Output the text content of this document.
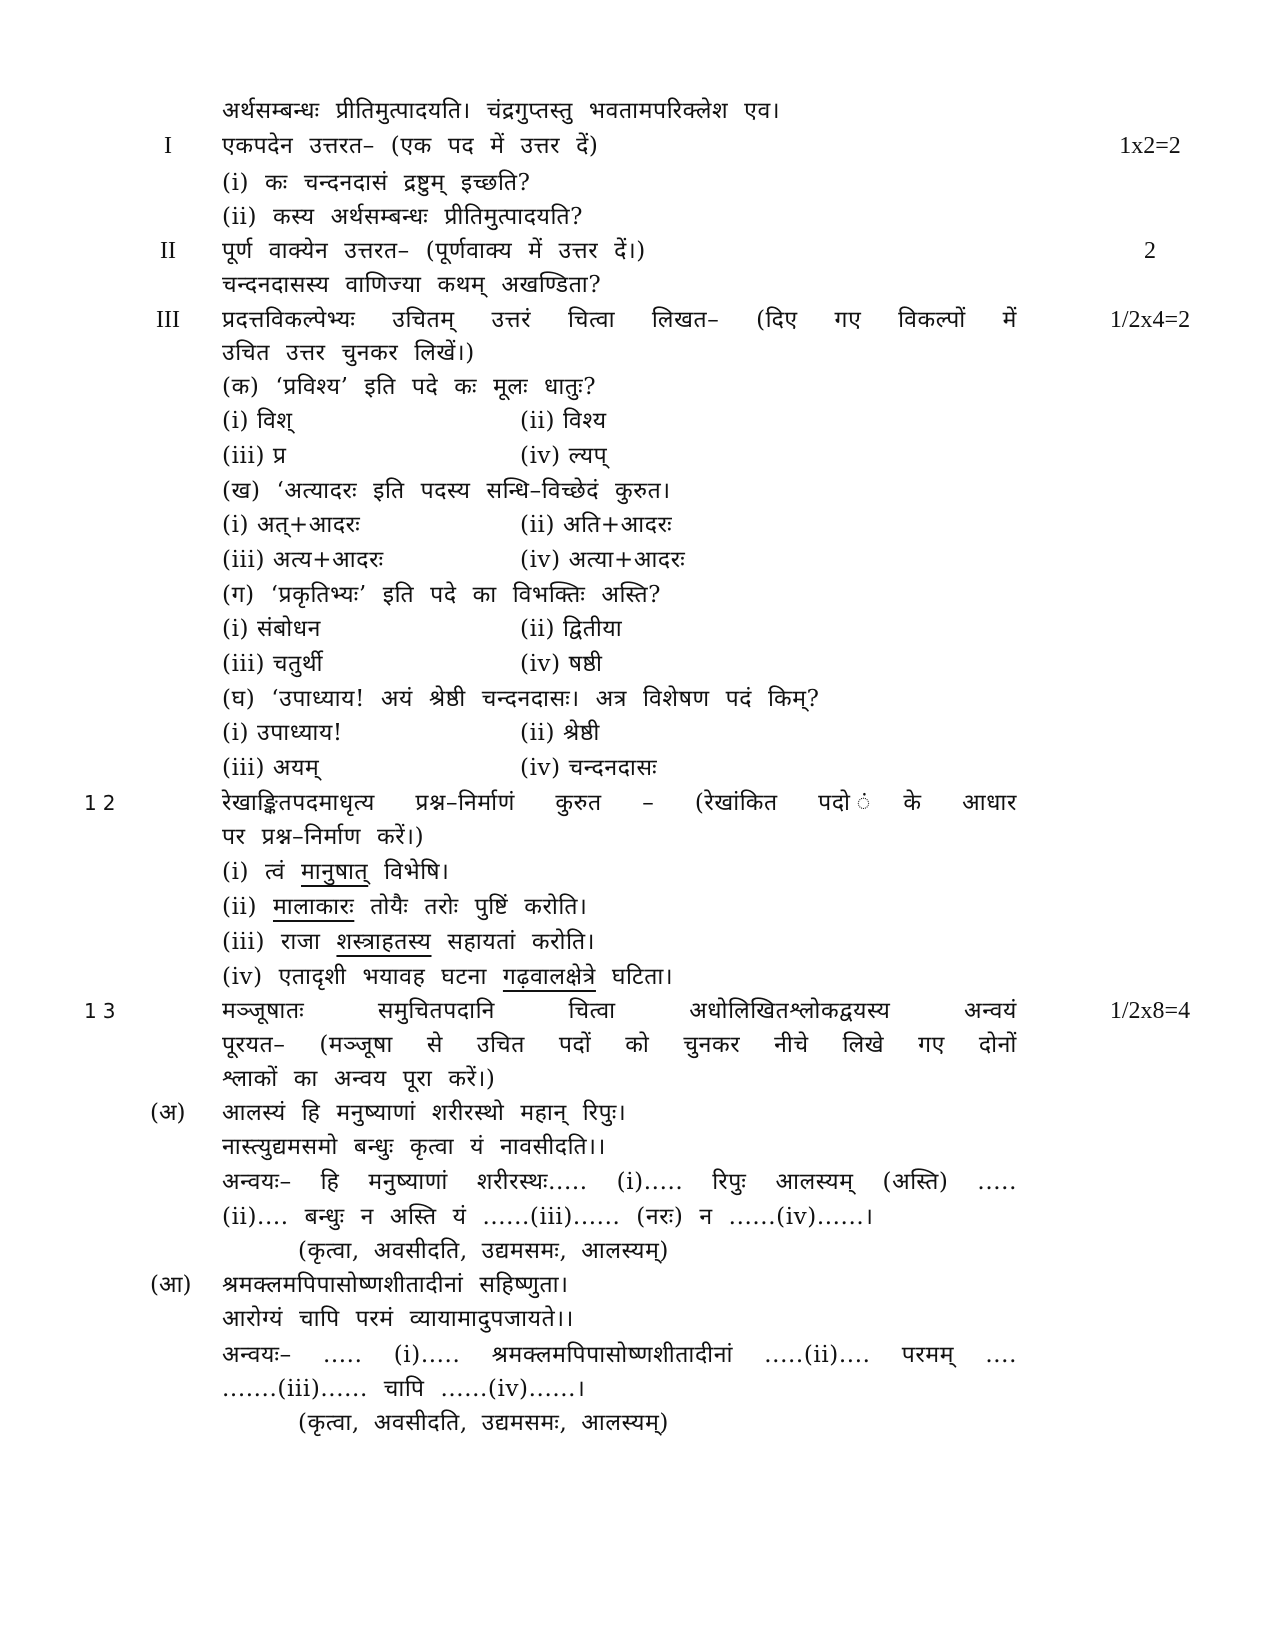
अर्थसम्बन्धः प्रीतिमुत्पादयति। चंद्रगुप्तस्तु भवतामपरिक्लेश एव।
I	एकपदेन उत्तरत– (एक पद में उत्तर दें)	1x2=2
(i) कः चन्दनदासं द्रष्टुम् इच्छति?
(ii) कस्य अर्थसम्बन्धः प्रीतिमुत्पादयति?
II	पूर्ण वाक्येन उत्तरत– (पूर्णवाक्य में उत्तर दें।)	2
चन्दनदासस्य वाणिज्या कथम् अखण्डिता?
III	प्रदत्तविकल्पेभ्यः उचितम् उत्तरं चित्वा लिखत– (दिए गए विकल्पों में	1/2x4=2
उचित उत्तर चुनकर लिखें।)
(क) ‘प्रविश्य’ इति पदे कः मूलः धातुः?
(i) विश्	(ii) विश्य
(iii) प्र	(iv) ल्यप्
(ख) ‘अत्यादरः इति पदस्य सन्धि–विच्छेदं कुरुत।
(i) अत्+आदरः	(ii) अति+आदरः
(iii) अत्य+आदरः	(iv) अत्या+आदरः
(ग) ‘प्रकृतिभ्यः’ इति पदे का विभक्तिः अस्ति?
(i) संबोधन	(ii) द्वितीया
(iii) चतुर्थी	(iv) षष्ठी
(घ) ‘उपाध्याय! अयं श्रेष्ठी चन्दनदासः। अत्र विशेषण पदं किम्?
(i) उपाध्याय!	(ii) श्रेष्ठी
(iii) अयम्	(iv) चन्दनदासः
12	रेखाङ्कितपदमाधृत्य प्रश्न–निर्माणं कुरुत – (रेखांकित पदो ंके आधार
पर प्रश्न–निर्माण करें।)
(i) त्वं मानुषात् विभेषि।
(ii) मालाकारः तोयैः तरोः पुष्टिं करोति।
(iii) राजा शस्त्राहतस्य सहायतां करोति।
(iv) एतादृशी भयावह घटना गढ़वालक्षेत्रे घटिता।
13	मञ्जूषातः समुचितपदानि चित्वा अधोलिखितश्लोकद्वयस्य अन्वयं	1/2x8=4
पूरयत– (मञ्जूषा से उचित पदों को चुनकर नीचे लिखे गए दोनों
श्लाकों का अन्वय पूरा करें।)
(अ) आलस्यं हि मनुष्याणां शरीरस्थो महान् रिपुः।
नास्त्युद्यमसमो बन्धुः कृत्वा यं नावसीदति।।
अन्वयः– हि मनुष्याणां शरीरस्थः..... (i)..... रिपुः आलस्यम् (अस्ति) .....
(ii).... बन्धुः न अस्ति यं ......(iii)...... (नरः) न ......(iv)......।
(कृत्वा, अवसीदति, उद्यमसमः, आलस्यम्)
(आ) श्रमक्लमपिपासोष्णशीतादीनां सहिष्णुता।
आरोग्यं चापि परमं व्यायामादुपजायते।।
अन्वयः– ..... (i)..... श्रमक्लमपिपासोष्णशीतादीनां .....(ii).... परमम् ....
.......(iii)...... चापि ......(iv)......।
(कृत्वा, अवसीदति, उद्यमसमः, आलस्यम्)
